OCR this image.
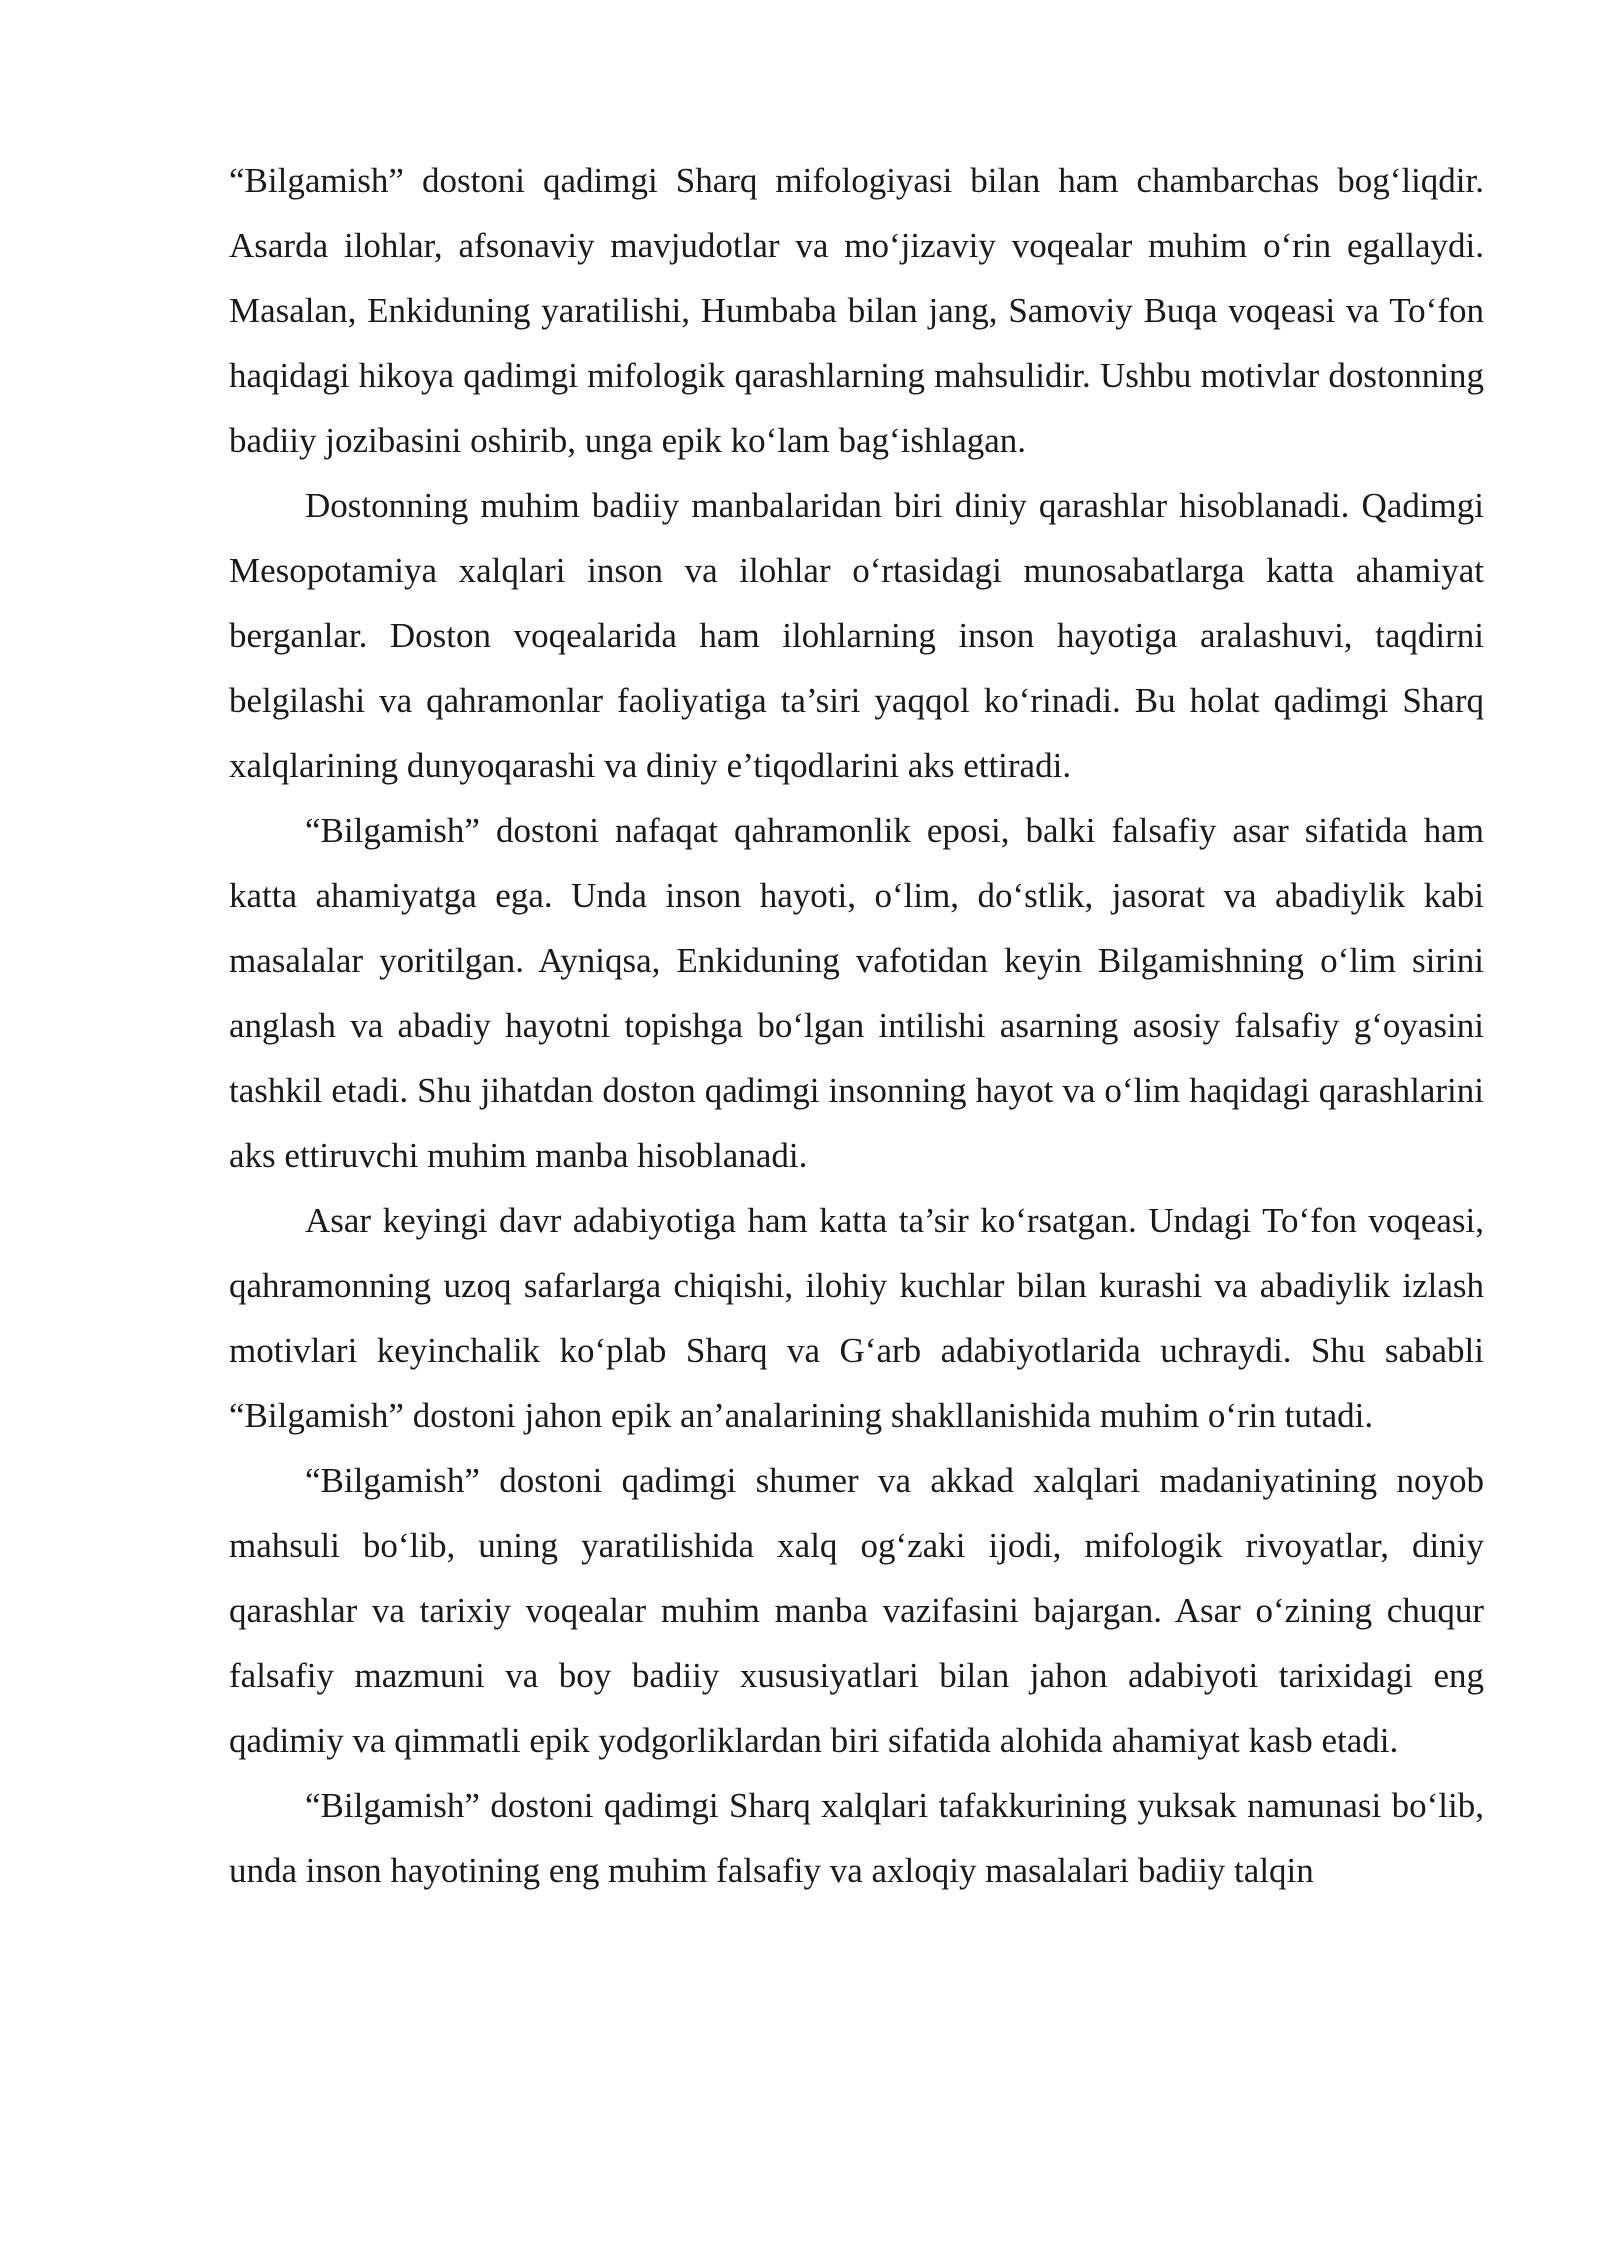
“Bilgamish” dostoni qadimgi Sharq mifologiyasi bilan ham chambarchas bog‘liqdir. Asarda ilohlar, afsonaviy mavjudotlar va mo‘jizaviy voqealar muhim o‘rin egallaydi. Masalan, Enkiduning yaratilishi, Humbaba bilan jang, Samoviy Buqa voqeasi va To‘fon haqidagi hikoya qadimgi mifologik qarashlarning mahsulidir. Ushbu motivlar dostonning badiiy jozibasini oshirib, unga epik ko‘lam bag‘ishlagan.

Dostonning muhim badiiy manbalaridan biri diniy qarashlar hisoblanadi. Qadimgi Mesopotamiya xalqlari inson va ilohlar o‘rtasidagi munosabatlarga katta ahamiyat berganlar. Doston voqealarida ham ilohlarning inson hayotiga aralashuvi, taqdirni belgilashi va qahramonlar faoliyatiga ta’siri yaqqol ko‘rinadi. Bu holat qadimgi Sharq xalqlarining dunyoqarashi va diniy e’tiqodlarini aks ettiradi.

“Bilgamish” dostoni nafaqat qahramonlik eposi, balki falsafiy asar sifatida ham katta ahamiyatga ega. Unda inson hayoti, o‘lim, do‘stlik, jasorat va abadiylik kabi masalalar yoritilgan. Ayniqsa, Enkiduning vafotidan keyin Bilgamishning o‘lim sirini anglash va abadiy hayotni topishga bo‘lgan intilishi asarning asosiy falsafiy g‘oyasini tashkil etadi. Shu jihatdan doston qadimgi insonning hayot va o‘lim haqidagi qarashlarini aks ettiruvchi muhim manba hisoblanadi.

Asar keyingi davr adabiyotiga ham katta ta’sir ko‘rsatgan. Undagi To‘fon voqeasi, qahramonning uzoq safarlarga chiqishi, ilohiy kuchlar bilan kurashi va abadiylik izlash motivlari keyinchalik ko‘plab Sharq va G‘arb adabiyotlarida uchraydi. Shu sababli “Bilgamish” dostoni jahon epik an’analarining shakllanishida muhim o‘rin tutadi.

“Bilgamish” dostoni qadimgi shumer va akkad xalqlari madaniyatining noyob mahsuli bo‘lib, uning yaratilishida xalq og‘zaki ijodi, mifologik rivoyatlar, diniy qarashlar va tarixiy voqealar muhim manba vazifasini bajargan. Asar o‘zining chuqur falsafiy mazmuni va boy badiiy xususiyatlari bilan jahon adabiyoti tarixidagi eng qadimiy va qimmatli epik yodgorliklardan biri sifatida alohida ahamiyat kasb etadi.

“Bilgamish” dostoni qadimgi Sharq xalqlari tafakkurining yuksak namunasi bo‘lib, unda inson hayotining eng muhim falsafiy va axloqiy masalalari badiiy talqin
